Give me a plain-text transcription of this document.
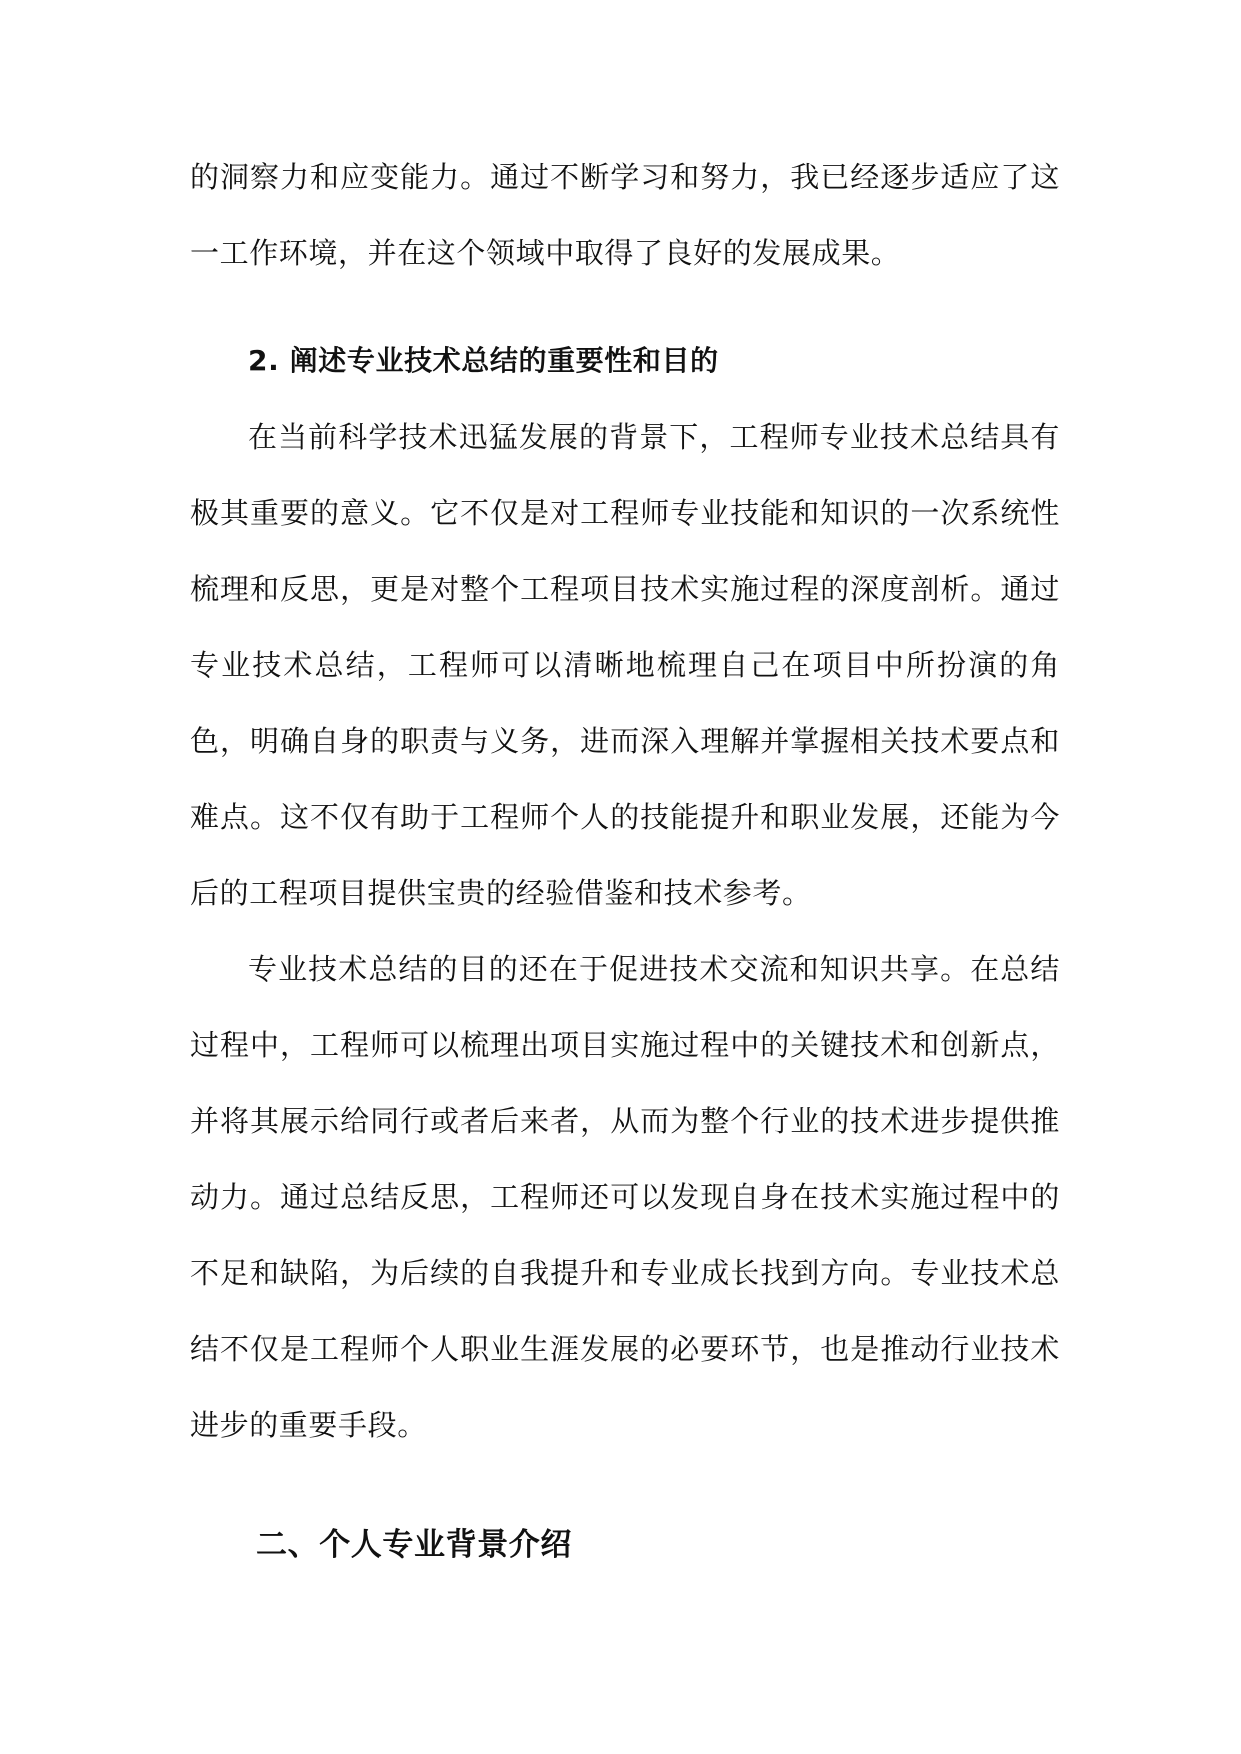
的洞察力和应变能力。通过不断学习和努力，我已经逐步适应了这一工作环境，并在这个领域中取得了良好的发展成果。

2. 阐述专业技术总结的重要性和目的

在当前科学技术迅猛发展的背景下，工程师专业技术总结具有极其重要的意义。它不仅是对工程师专业技能和知识的一次系统性梳理和反思，更是对整个工程项目技术实施过程的深度剖析。通过专业技术总结，工程师可以清晰地梳理自己在项目中所扮演的角色，明确自身的职责与义务，进而深入理解并掌握相关技术要点和难点。这不仅有助于工程师个人的技能提升和职业发展，还能为今后的工程项目提供宝贵的经验借鉴和技术参考。

专业技术总结的目的还在于促进技术交流和知识共享。在总结过程中，工程师可以梳理出项目实施过程中的关键技术和创新点，并将其展示给同行或者后来者，从而为整个行业的技术进步提供推动力。通过总结反思，工程师还可以发现自身在技术实施过程中的不足和缺陷，为后续的自我提升和专业成长找到方向。专业技术总结不仅是工程师个人职业生涯发展的必要环节，也是推动行业技术进步的重要手段。

二、个人专业背景介绍
